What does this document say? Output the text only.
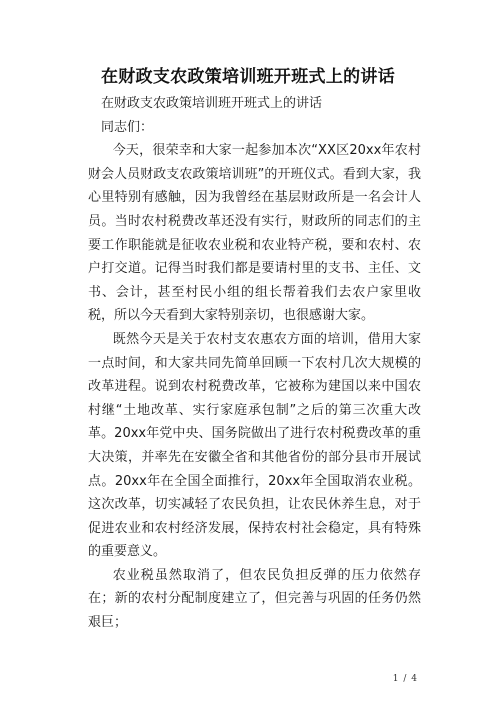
在财政支农政策培训班开班式上的讲话

在财政支农政策培训班开班式上的讲话

同志们：

今天，很荣幸和大家一起参加本次“XX区20xx年农村财会人员财政支农政策培训班”的开班仪式。看到大家，我心里特别有感触，因为我曾经在基层财政所是一名会计人员。当时农村税费改革还没有实行，财政所的同志们的主要工作职能就是征收农业税和农业特产税，要和农村、农户打交道。记得当时我们都是要请村里的支书、主任、文书、会计，甚至村民小组的组长帮着我们去农户家里收税，所以今天看到大家特别亲切，也很感谢大家。

既然今天是关于农村支农惠农方面的培训，借用大家一点时间，和大家共同先简单回顾一下农村几次大规模的改革进程。说到农村税费改革，它被称为建国以来中国农村继“土地改革、实行家庭承包制”之后的第三次重大改革。20xx年党中央、国务院做出了进行农村税费改革的重大决策，并率先在安徽全省和其他省份的部分县市开展试点。20xx年在全国全面推行，20xx年全国取消农业税。这次改革，切实减轻了农民负担，让农民休养生息，对于促进农业和农村经济发展，保持农村社会稳定，具有特殊的重要意义。

农业税虽然取消了，但农民负担反弹的压力依然存在；新的农村分配制度建立了，但完善与巩固的任务仍然艰巨；

1 / 4
